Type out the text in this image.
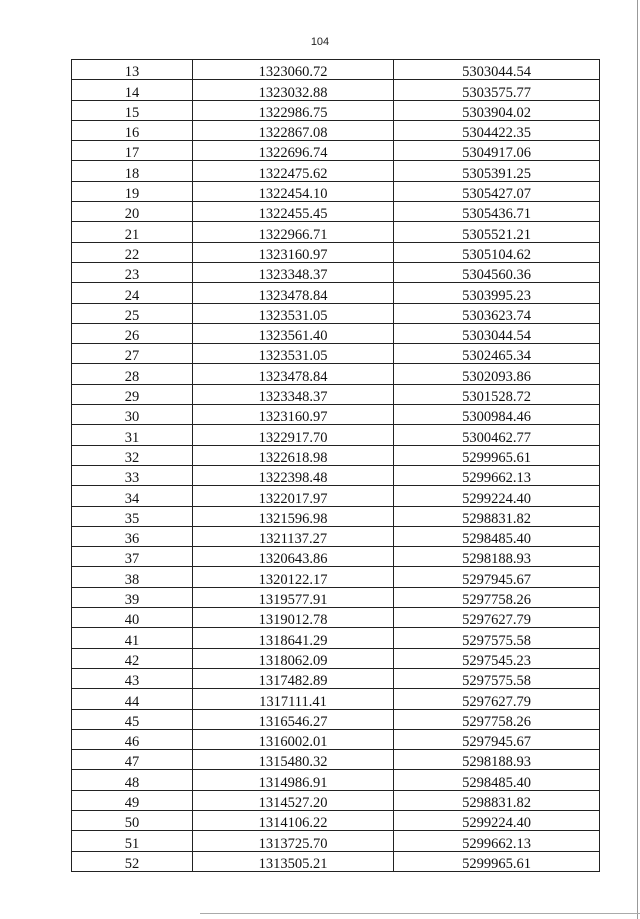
104
13	1323060.72	5303044.54
14	1323032.88	5303575.77
15	1322986.75	5303904.02
16	1322867.08	5304422.35
17	1322696.74	5304917.06
18	1322475.62	5305391.25
19	1322454.10	5305427.07
20	1322455.45	5305436.71
21	1322966.71	5305521.21
22	1323160.97	5305104.62
23	1323348.37	5304560.36
24	1323478.84	5303995.23
25	1323531.05	5303623.74
26	1323561.40	5303044.54
27	1323531.05	5302465.34
28	1323478.84	5302093.86
29	1323348.37	5301528.72
30	1323160.97	5300984.46
31	1322917.70	5300462.77
32	1322618.98	5299965.61
33	1322398.48	5299662.13
34	1322017.97	5299224.40
35	1321596.98	5298831.82
36	1321137.27	5298485.40
37	1320643.86	5298188.93
38	1320122.17	5297945.67
39	1319577.91	5297758.26
40	1319012.78	5297627.79
41	1318641.29	5297575.58
42	1318062.09	5297545.23
43	1317482.89	5297575.58
44	1317111.41	5297627.79
45	1316546.27	5297758.26
46	1316002.01	5297945.67
47	1315480.32	5298188.93
48	1314986.91	5298485.40
49	1314527.20	5298831.82
50	1314106.22	5299224.40
51	1313725.70	5299662.13
52	1313505.21	5299965.61
